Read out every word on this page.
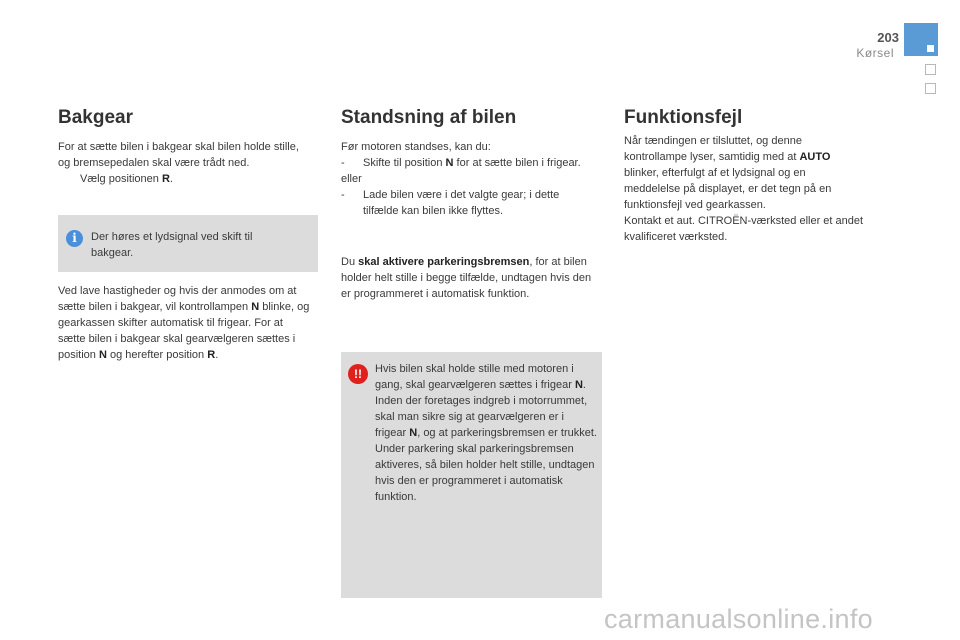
203
Kørsel
Bakgear

For at sætte bilen i bakgear skal bilen holde stille, og bremsepedalen skal være trådt ned.

Vælg positionen R.

i	Der høres et lydsignal ved skift til bakgear.

Ved lave hastigheder og hvis der anmodes om at sætte bilen i bakgear, vil kontrollampen N blinke, og gearkassen skifter automatisk til frigear. For at sætte bilen i bakgear skal gearvælgeren sættes i position N og herefter position R.

Standsning af bilen

Før motoren standses, kan du:

- Skifte til position N for at sætte bilen i frigear.

eller

- Lade bilen være i det valgte gear; i dette tilfælde kan bilen ikke flyttes.

Du skal aktivere parkeringsbremsen, for at bilen holder helt stille i begge tilfælde, undtagen hvis den er programmeret i automatisk funktion.

!!	Hvis bilen skal holde stille med motoren i gang, skal gearvælgeren sættes i frigear N.

Inden der foretages indgreb i motorrummet, skal man sikre sig at gearvælgeren er i frigear N, og at parkeringsbremsen er trukket.

Under parkering skal parkeringsbremsen aktiveres, så bilen holder helt stille, undtagen hvis den er programmeret i automatisk funktion.

Funktionsfejl

Når tændingen er tilsluttet, og denne kontrollampe lyser, samtidig med at AUTO blinker, efterfulgt af et lydsignal og en meddelelse på displayet, er det tegn på en funktionsfejl ved gearkassen.

Kontakt et aut. CITROËN-værksted eller et andet kvalificeret værksted.

carmanualsonline.info
